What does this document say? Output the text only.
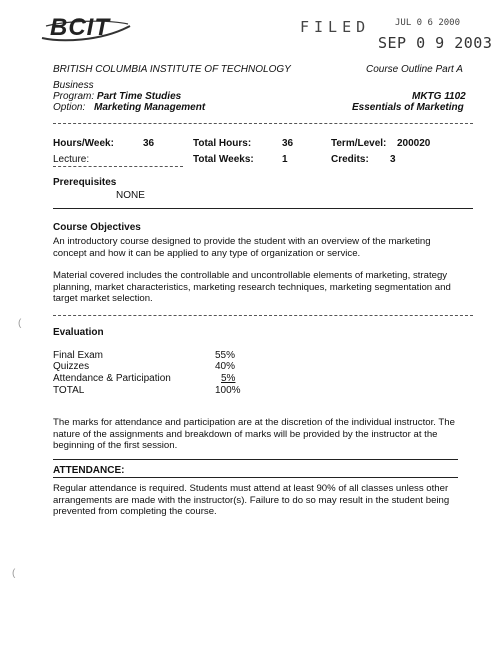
BCIT	FILED	JUL 0 6 2000
SEP 0 9 2003
BRITISH COLUMBIA INSTITUTE OF TECHNOLOGY	Course Outline Part A
Business
Program: Part Time Studies
Option: Marketing Management
MKTG 1102
Essentials of Marketing
Hours/Week:	36	Total Hours:	36	Term/Level: 200020
Lecture:	Total Weeks:	1	Credits: 3
Prerequisites
NONE
Course Objectives
An introductory course designed to provide the student with an overview of the marketing concept and how it can be applied to any type of organization or service.
Material covered includes the controllable and uncontrollable elements of marketing, strategy planning, market characteristics, marketing research techniques, marketing segmentation and target market selection.
Evaluation
Final Exam	55%
Quizzes	40%
Attendance & Participation	5%
TOTAL	100%
The marks for attendance and participation are at the discretion of the individual instructor. The nature of the assignments and breakdown of marks will be provided by the instructor at the beginning of the first session.
ATTENDANCE:
Regular attendance is required. Students must attend at least 90% of all classes unless other arrangements are made with the instructor(s). Failure to do so may result in the student being prevented from completing the course.
(
(
